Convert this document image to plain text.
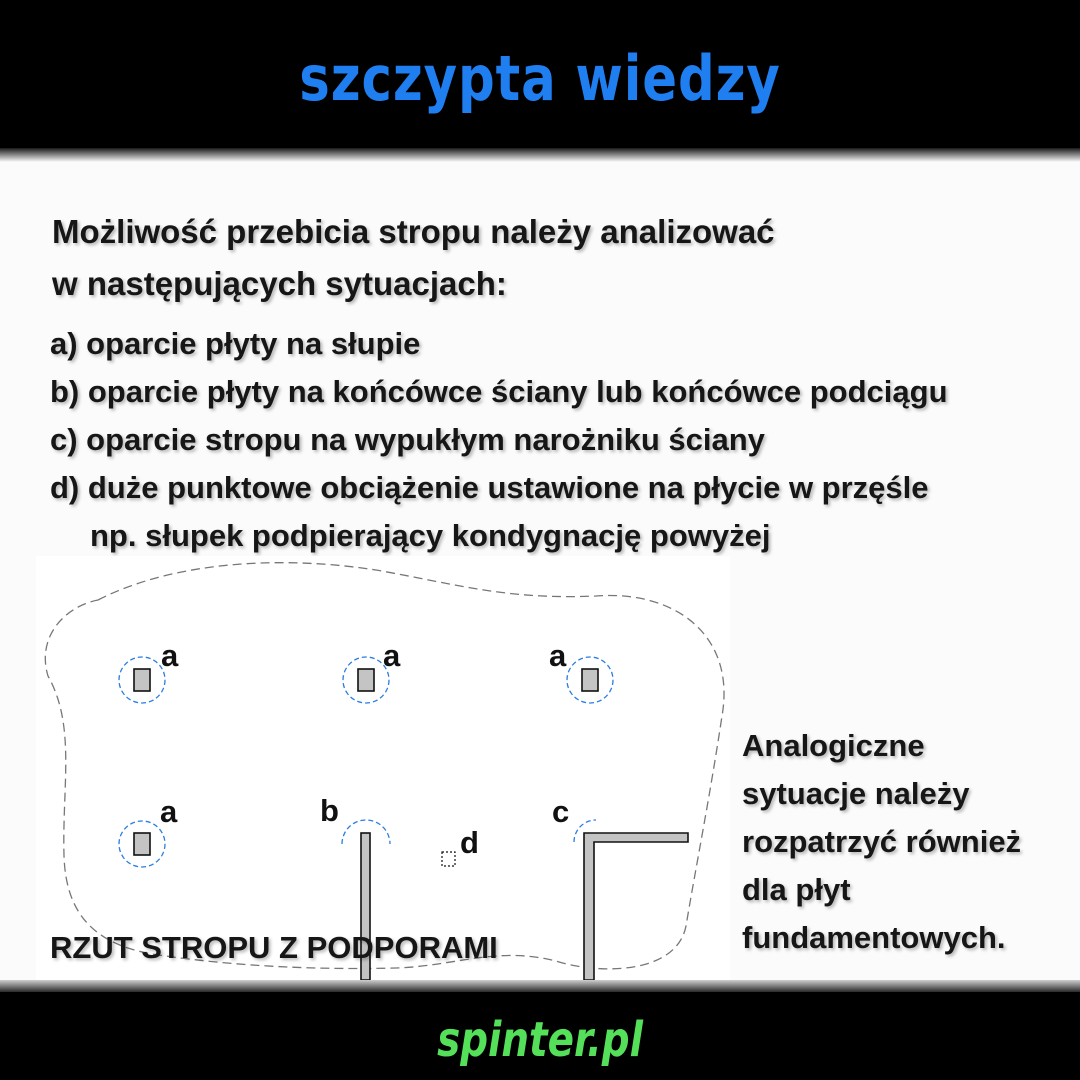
szczypta wiedzy

Możliwość przebicia stropu należy analizować
w następujących sytuacjach:

a) oparcie płyty na słupie
b) oparcie płyty na końcówce ściany lub końcówce podciągu
c) oparcie stropu na wypukłym narożniku ściany
d) duże punktowe obciążenie ustawione na płycie w przęśle
np. słupek podpierający kondygnację powyżej
a	a	a
a	b
d
c
RZUT STROPU Z PODPORAMI

Analogiczne
sytuacje należy
rozpatrzyć również
dla płyt
fundamentowych.

spinter.pl
